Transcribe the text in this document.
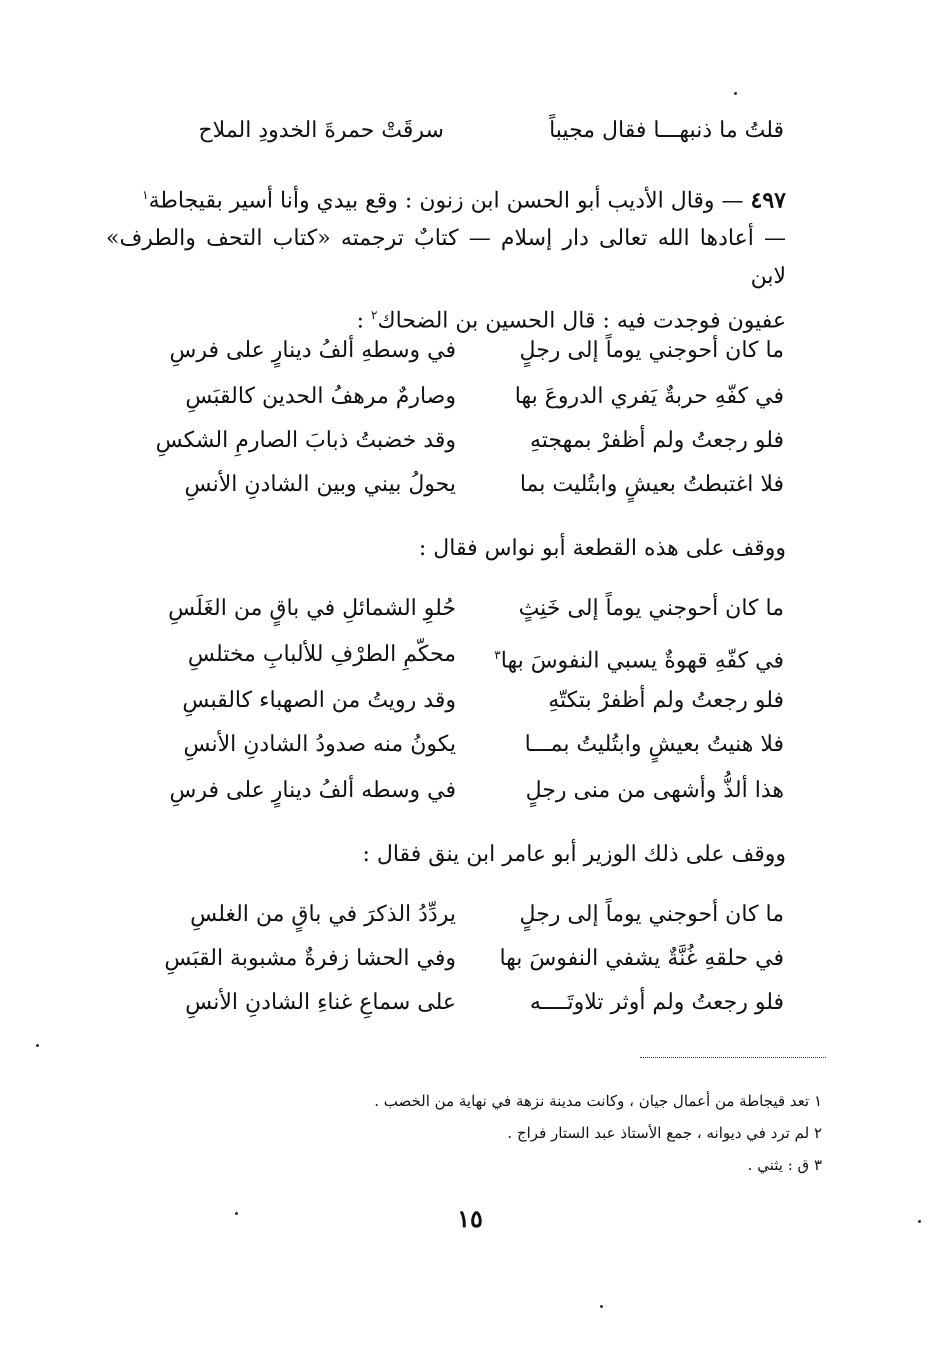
قلتُ ما ذنبهـــا فقال مجيباً
سرقَتْ حمرةَ الخدودِ الملاح
٤٩٧ — وقال الأديب أبو الحسن ابن زنون : وقع بيدي وأنا أسير بقيجاطة$^١$
— أعادها الله تعالى دار إسلام — كتابٌ ترجمته «كتاب التحف والطرف» لابن
عفيون فوجدت فيه : قال الحسين بن الضحاك$^٢$ :
ما كان أحوجني يوماً إلى رجلٍ
في وسطهِ ألفُ دينارٍ على فرسِ
في كفّهِ حربةٌ يَفري الدروعَ بها
وصارمٌ مرهفُ الحدين كالقبَسِ
فلو رجعتُ ولم أظفرْ بمهجتهِ
وقد خضبتُ ذبابَ الصارمِ الشكسِ
فلا اغتبطتُ بعيشٍ وابتُليت بما
يحولُ بيني وبين الشادنِ الأنسِ
ووقف على هذه القطعة أبو نواس فقال :
ما كان أحوجني يوماً إلى خَنِثٍ
حُلوِ الشمائلِ في باقٍ من الغَلَسِ
في كفّهِ قهوةٌ يسبي النفوسَ بها$^٣$
محكّمِ الطرْفِ للألبابِ مختلسِ
فلو رجعتُ ولم أظفرْ بتكتّهِ
وقد رويتُ من الصهباء كالقبسِ
فلا هنيتُ بعيشٍ وابتُليتُ بمـــا
يكونُ منه صدودُ الشادنِ الأنسِ
هذا ألذُّ وأشهى من منى رجلٍ
في وسطه ألفُ دينارٍ على فرسِ
ووقف على ذلك الوزير أبو عامر ابن ينق فقال :
ما كان أحوجني يوماً إلى رجلٍ
يردِّدُ الذكرَ في باقٍ من الغلسِ
في حلقهِ غُنَّةٌ يشفي النفوسَ بها
وفي الحشا زفرةٌ مشبوبة القبَسِ
فلو رجعتُ ولم أوثر تلاوتَــــه
على سماعِ غناءِ الشادنِ الأنسِ
١ تعد قيجاطة من أعمال جيان ، وكانت مدينة نزهة في نهاية من الخصب .
٢ لم ترد في ديوانه ، جمع الأستاذ عبد الستار فراج .
٣ ق : يثني .
١٥
